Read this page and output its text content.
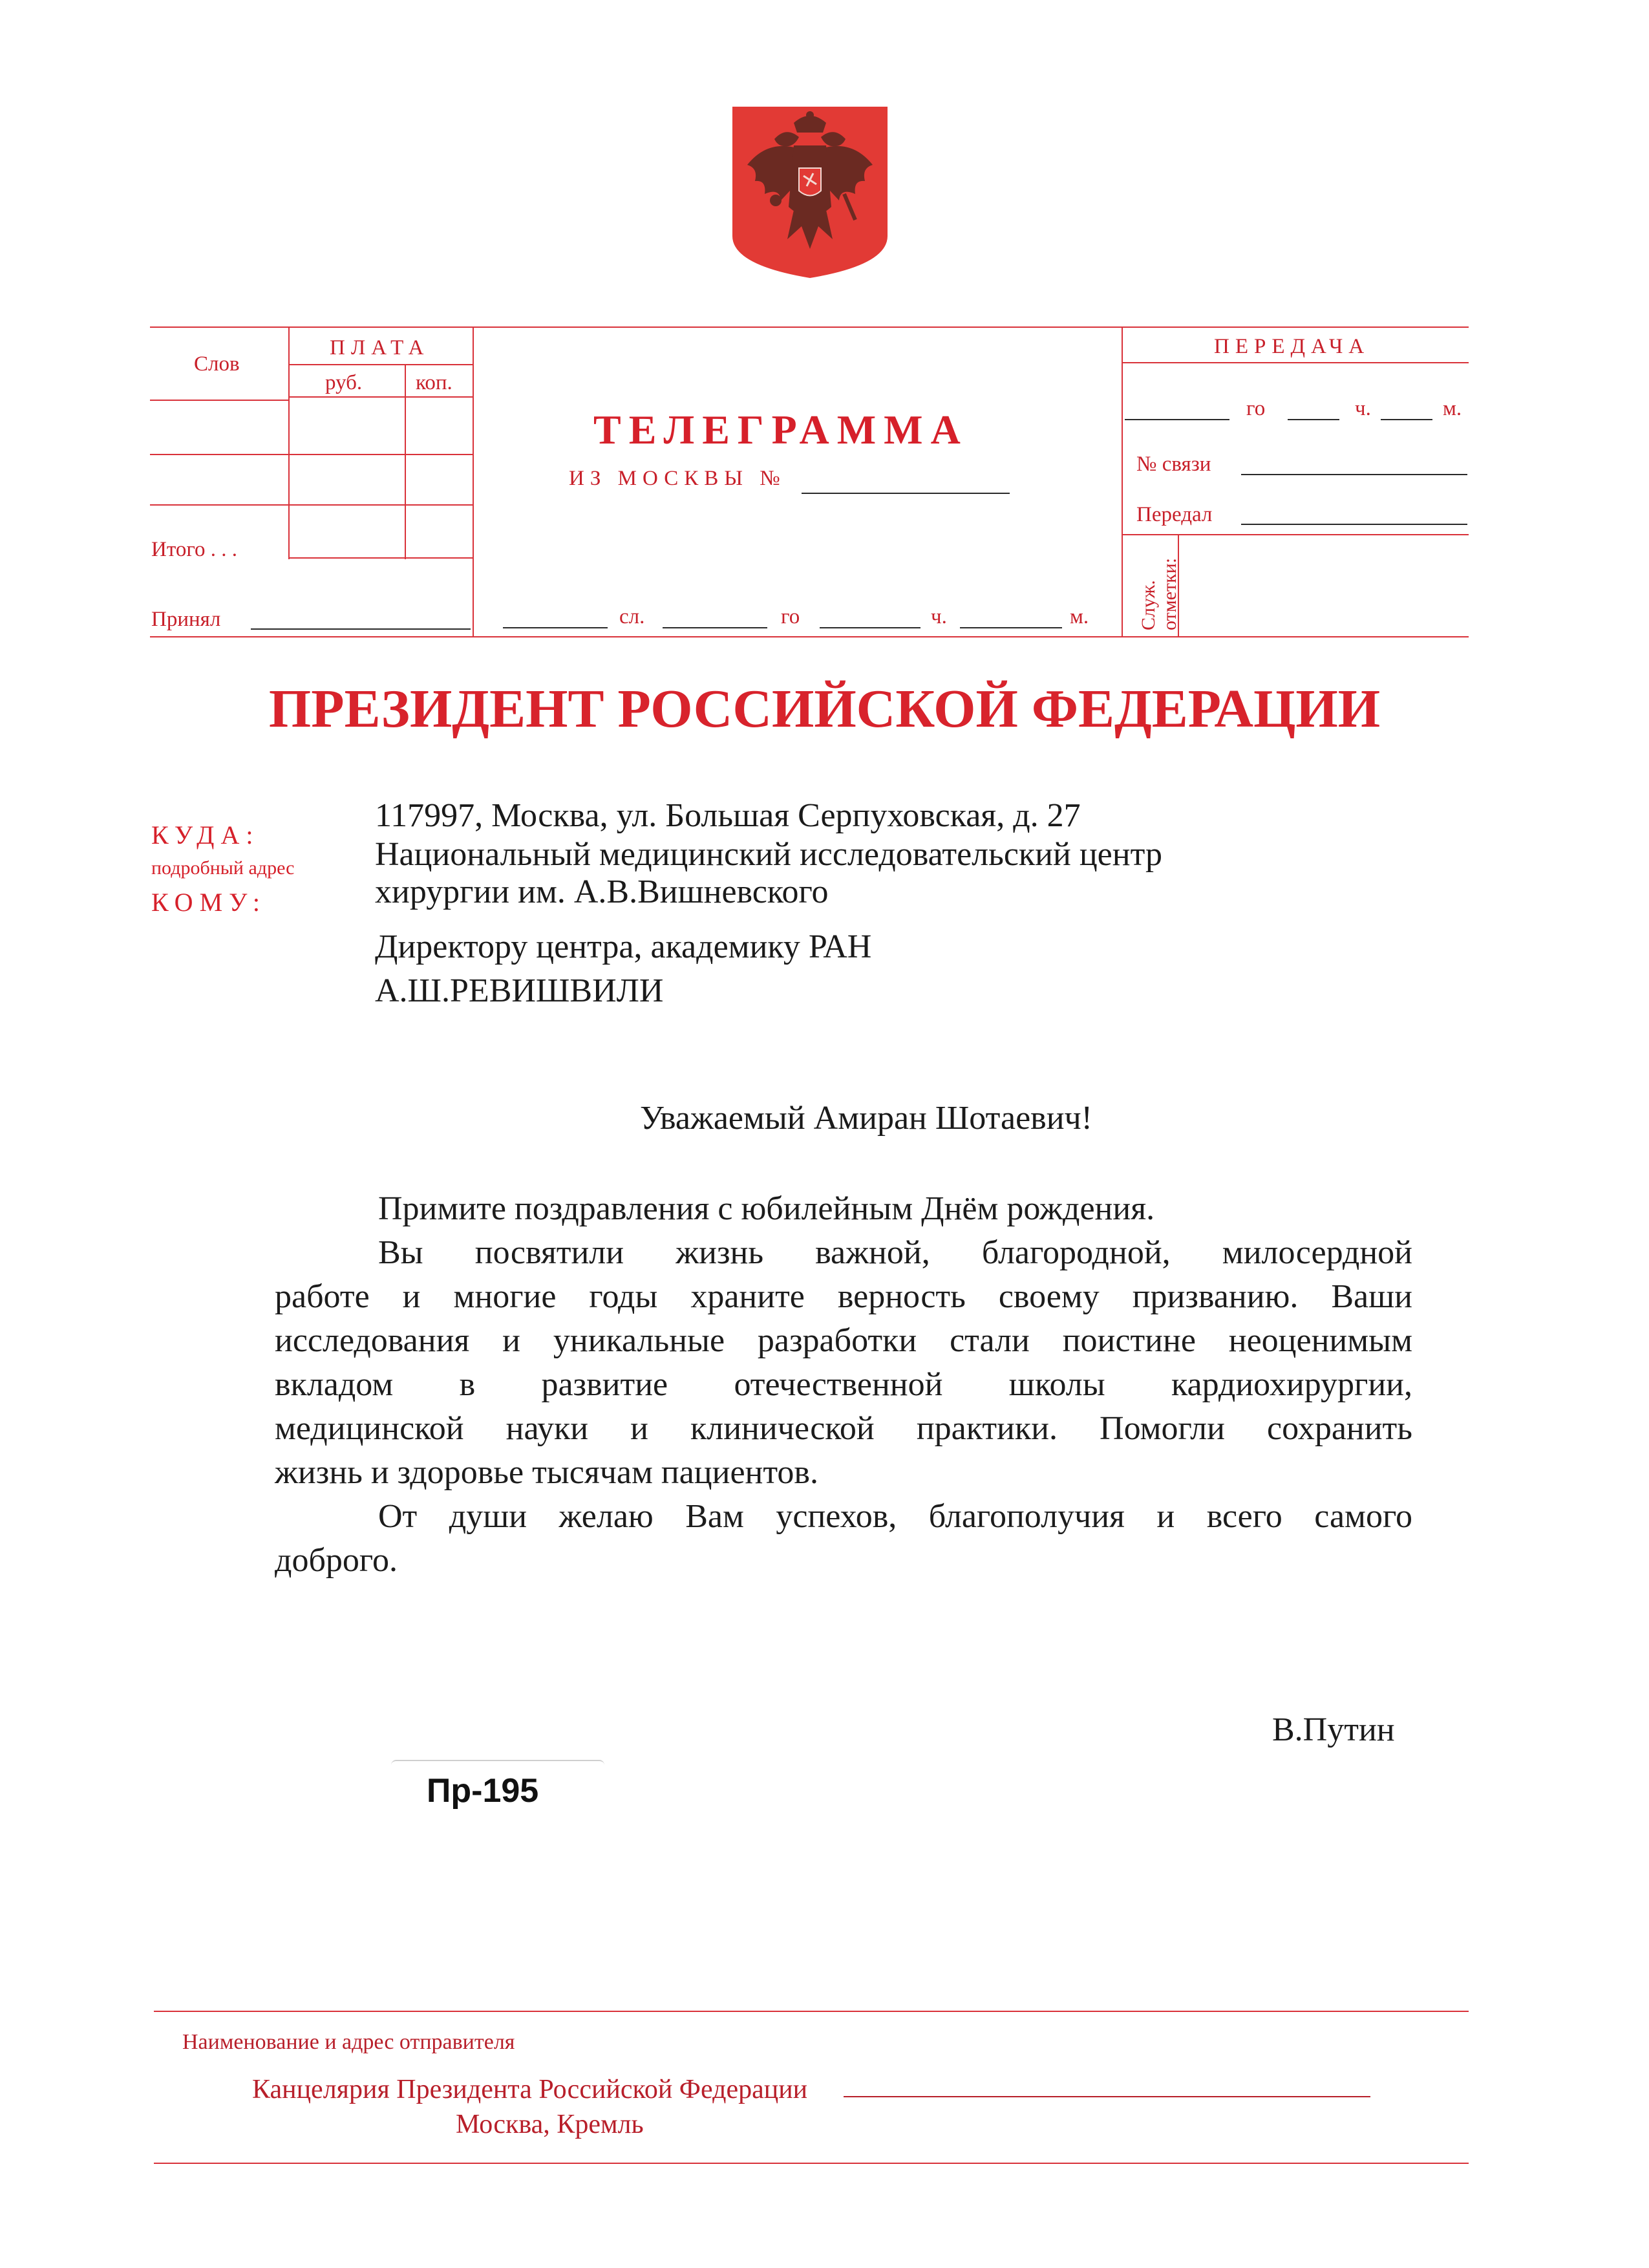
Слов
ПЛАТА
руб.	коп.
Итого . . .
Принял
ТЕЛЕГРАММА
ИЗ МОСКВЫ №
сл.	го	ч.	м.
ПЕРЕДАЧА
го	ч.	м.
№ связи
Передал
Служ. отметки:
ПРЕЗИДЕНТ РОССИЙСКОЙ ФЕДЕРАЦИИ
КУДА:
подробный адрес
КОМУ:
117997, Москва, ул. Большая Серпуховская, д. 27
Национальный медицинский исследовательский центр
хирургии им. А.В.Вишневского
Директору центра, академику РАН
А.Ш.РЕВИШВИЛИ
Уважаемый Амиран Шотаевич!
Примите поздравления с юбилейным Днём рождения.
Вы посвятили жизнь важной, благородной, милосердной
работе и многие годы храните верность своему призванию. Ваши
исследования и уникальные разработки стали поистине неоценимым
вкладом в развитие отечественной школы кардиохирургии,
медицинской науки и клинической практики. Помогли сохранить
жизнь и здоровье тысячам пациентов.
От души желаю Вам успехов, благополучия и всего самого
доброго.
В.Путин
Пр-195
Наименование и адрес отправителя
Канцелярия Президента Российской Федерации
Москва, Кремль
